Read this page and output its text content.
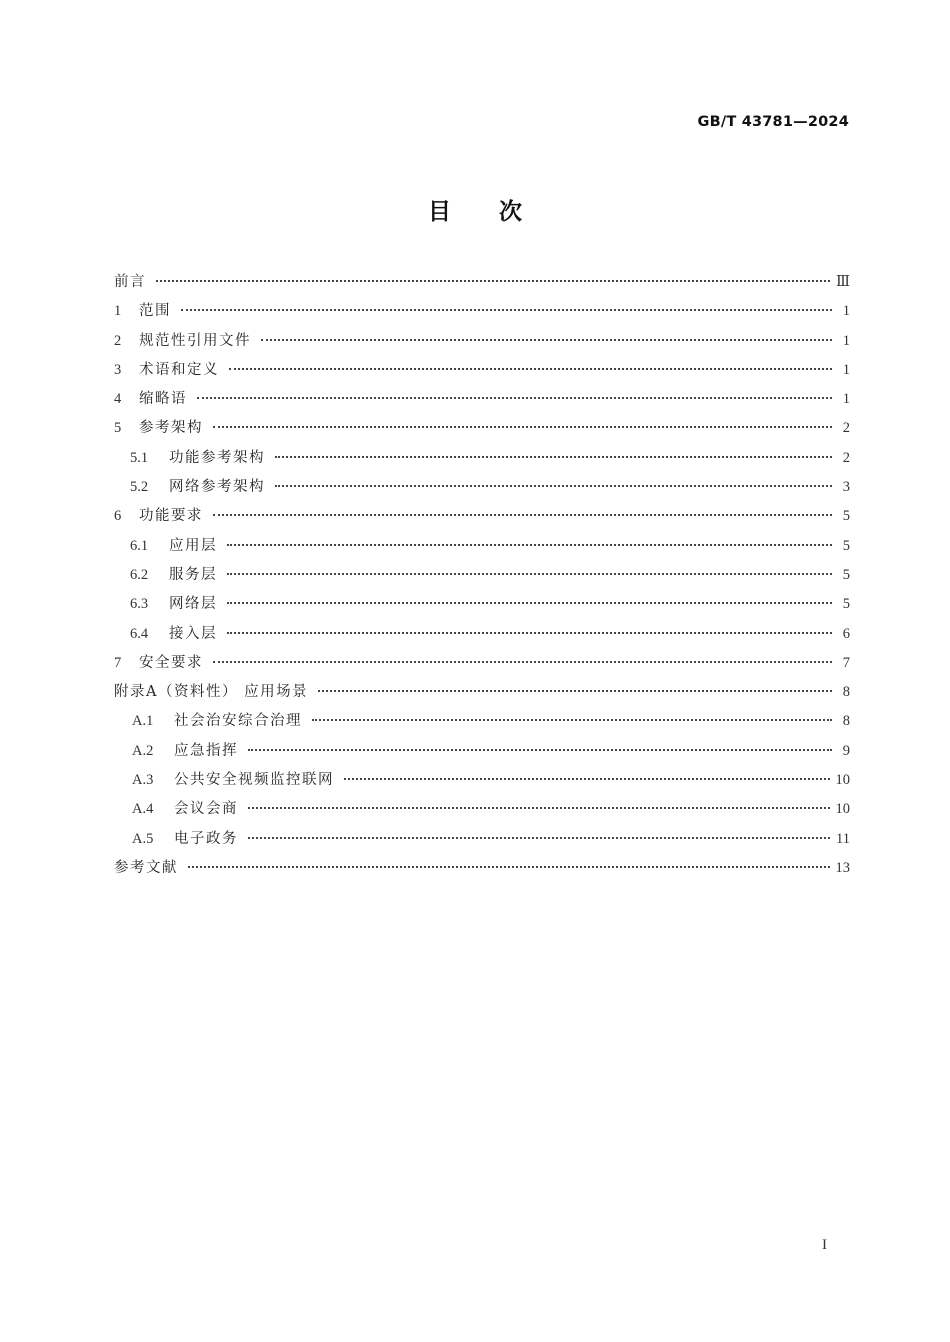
GB/T 43781—2024
目次
前言	Ⅲ
1	范围	1
2	规范性引用文件	1
3	术语和定义	1
4	缩略语	1
5	参考架构	2
5.1	功能参考架构	2
5.2	网络参考架构	3
6	功能要求	5
6.1	应用层	5
6.2	服务层	5
6.3	网络层	5
6.4	接入层	6
7	安全要求	7
附录A（资料性） 应用场景	8
A.1	社会治安综合治理	8
A.2	应急指挥	9
A.3	公共安全视频监控联网	10
A.4	会议会商	10
A.5	电子政务	11
参考文献	13
I
